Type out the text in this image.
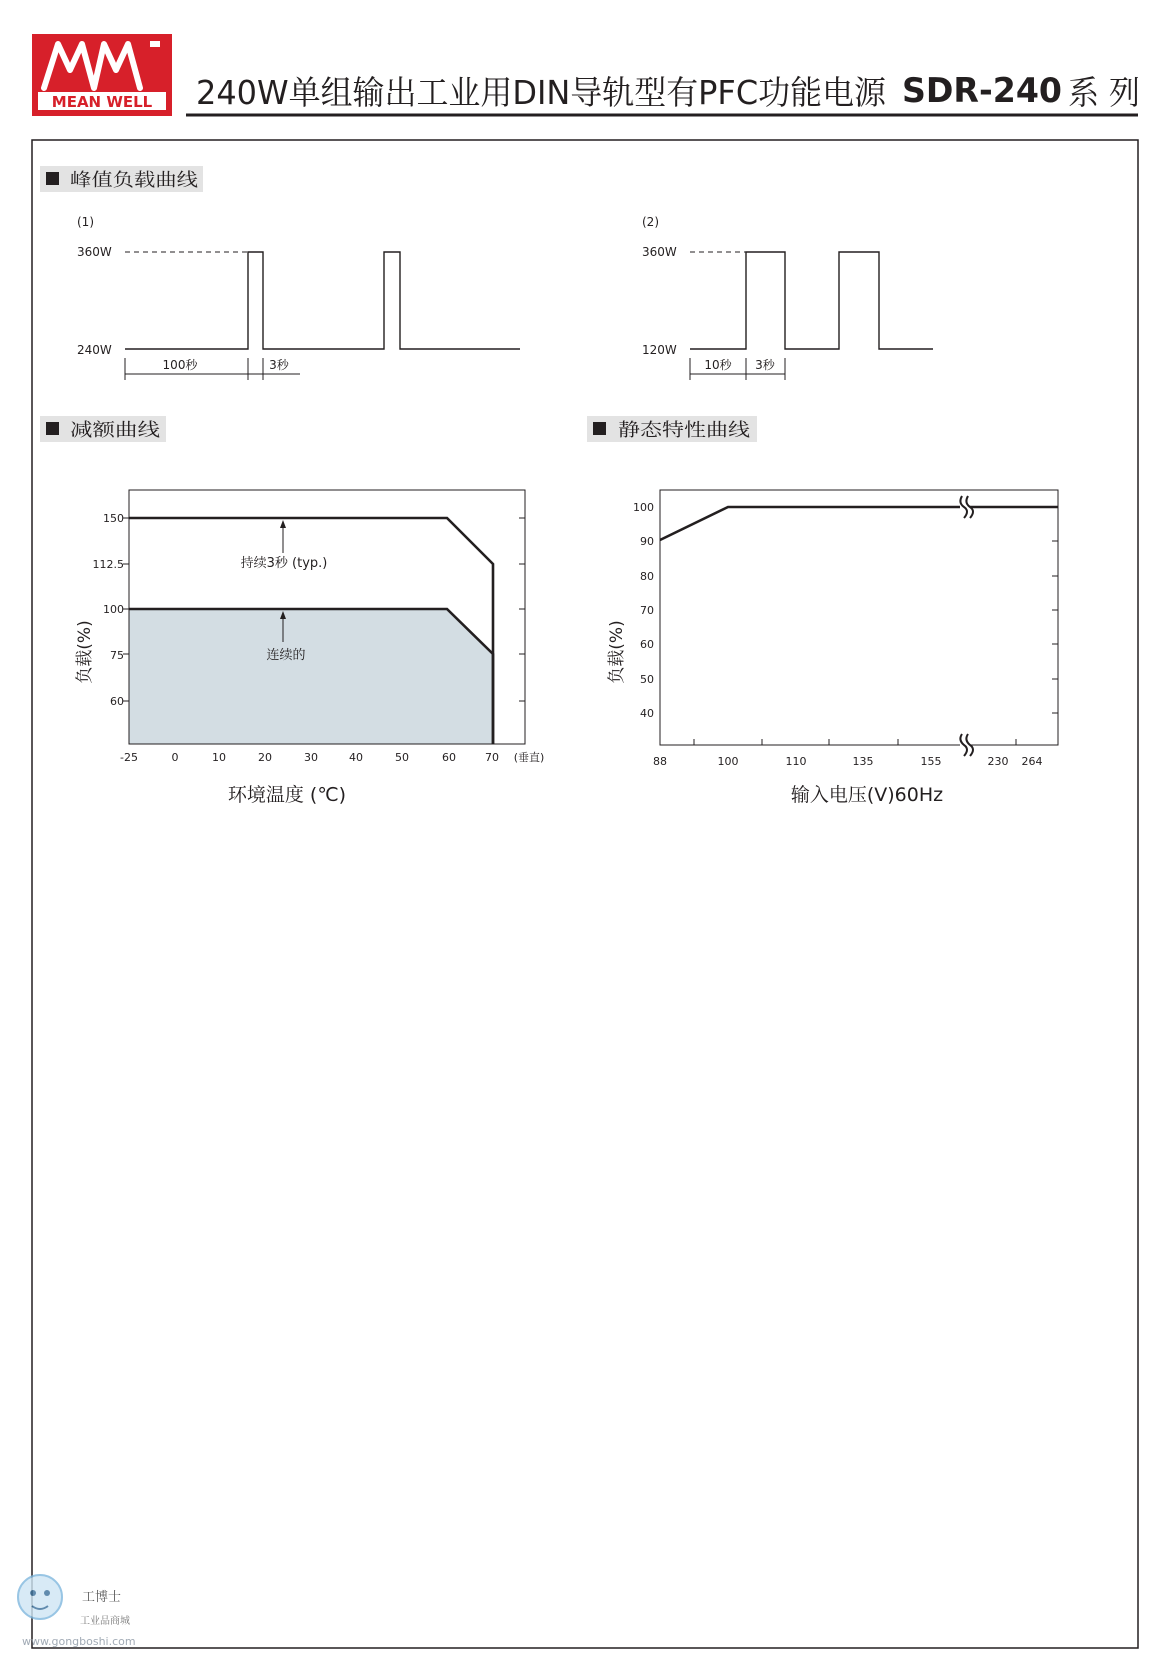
MEAN WELL 240W单组输出工业用DIN导轨型有PFC功能电源 SDR-240 系 列
峰值负载曲线
减额曲线	静态特性曲线
(1)
360W
240W
100秒	3秒
(2)
360W
120W
10秒 3秒
持续3秒 (typ.)
连续的
150
112.5
100
75
60
-25	0	10	20	30	40	50	60	70 (垂直)
环境温度 (℃)
负载(%)
100
90
80
70
60
50
40
88	100	110	135	155	230 264
输入电压(V)60Hz
负载(%)
工博士
工业品商城
www.gongboshi.com
